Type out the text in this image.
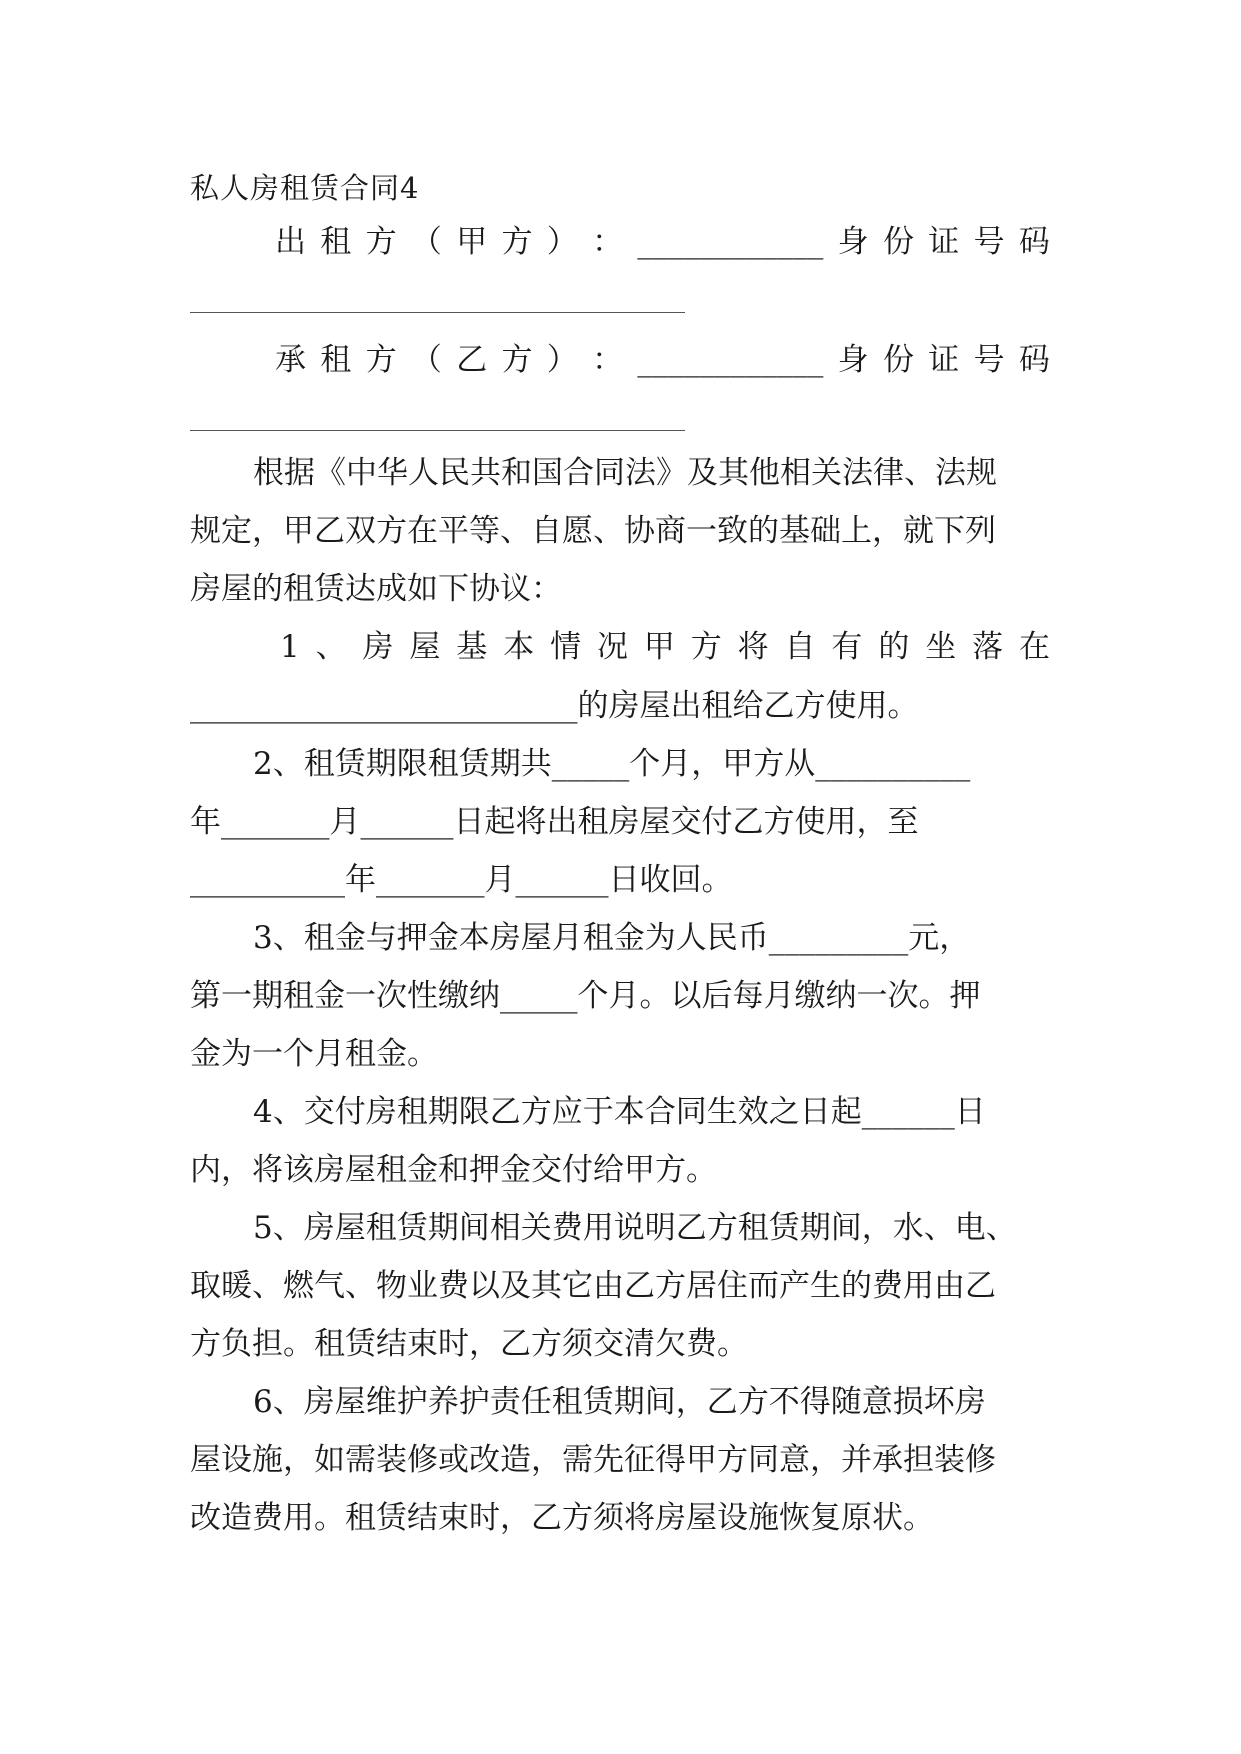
私人房租赁合同4
出 租 方 （ 甲 方 ） ： ____________ 身 份 证 号 码
承 租 方 （ 乙 方 ） ： ____________ 身 份 证 号 码
根据《中华人民共和国合同法》及其他相关法律、法规
规定，甲乙双方在平等、自愿、协商一致的基础上，就下列
房屋的租赁达成如下协议：
1 、 房 屋 基 本 情 况 甲 方 将 自 有 的 坐 落 在
_________________________的房屋出租给乙方使用。
2、租赁期限租赁期共_____个月，甲方从__________
年_______月______日起将出租房屋交付乙方使用，至
__________年_______月______日收回。
3、租金与押金本房屋月租金为人民币_________元，
第一期租金一次性缴纳_____个月。以后每月缴纳一次。押
金为一个月租金。
4、交付房租期限乙方应于本合同生效之日起______日
内，将该房屋租金和押金交付给甲方。
5、房屋租赁期间相关费用说明乙方租赁期间，水、电、
取暖、燃气、物业费以及其它由乙方居住而产生的费用由乙
方负担。租赁结束时，乙方须交清欠费。
6、房屋维护养护责任租赁期间，乙方不得随意损坏房
屋设施，如需装修或改造，需先征得甲方同意，并承担装修
改造费用。租赁结束时，乙方须将房屋设施恢复原状。
